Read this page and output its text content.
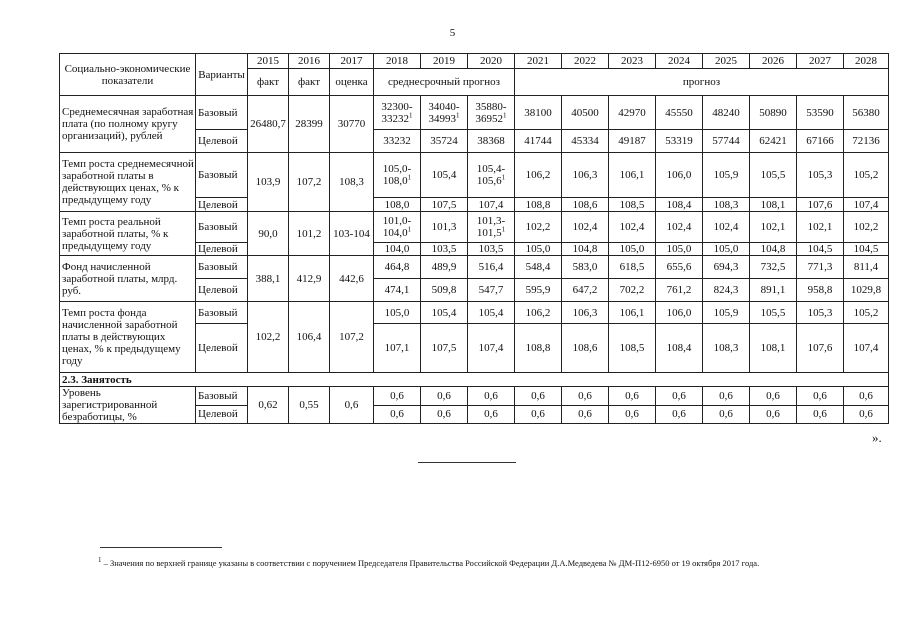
5
Социально-экономические показатели	Варианты	2015	2016	2017	2018	2019	2020	2021	2022	2023	2024	2025	2026	2027	2028
		факт	факт	оценка	среднесрочный прогноз			прогноз							
Среднемесячная заработная плата (по полному кругу организаций), рублей	Базовый	26480,7	28399	30770	32300-33232$^1$	34040-34993$^1$	35880-36952$^1$	38100	40500	42970	45550	48240	50890	53590	56380
	Целевой				33232	35724	38368	41744	45334	49187	53319	57744	62421	67166	72136
Темп роста среднемесячной заработной платы в действующих ценах, % к предыдущему году	Базовый	103,9	107,2	108,3	105,0-108,0$^1$	105,4	105,4-105,6$^1$	106,2	106,3	106,1	106,0	105,9	105,5	105,3	105,2
	Целевой				108,0	107,5	107,4	108,8	108,6	108,5	108,4	108,3	108,1	107,6	107,4
Темп роста реальной заработной платы, % к предыдущему году	Базовый	90,0	101,2	103-104	101,0-104,0$^1$	101,3	101,3-101,5$^1$	102,2	102,4	102,4	102,4	102,4	102,1	102,1	102,2
	Целевой				104,0	103,5	103,5	105,0	104,8	105,0	105,0	105,0	104,8	104,5	104,5
Фонд начисленной заработной платы, млрд. руб.	Базовый	388,1	412,9	442,6	464,8	489,9	516,4	548,4	583,0	618,5	655,6	694,3	732,5	771,3	811,4
	Целевой				474,1	509,8	547,7	595,9	647,2	702,2	761,2	824,3	891,1	958,8	1029,8
Темп роста фонда начисленной заработной платы в действующих ценах, % к предыдущему году	Базовый	102,2	106,4	107,2	105,0	105,4	105,4	106,2	106,3	106,1	106,0	105,9	105,5	105,3	105,2
	Целевой				107,1	107,5	107,4	108,8	108,6	108,5	108,4	108,3	108,1	107,6	107,4
2.3. Занятость															
Уровень зарегистрированной безработицы, %	Базовый	0,62	0,55	0,6	0,6	0,6	0,6	0,6	0,6	0,6	0,6	0,6	0,6	0,6	0,6
	Целевой				0,6	0,6	0,6	0,6	0,6	0,6	0,6	0,6	0,6	0,6	0,6
».
$^1$ – Значения по верхней границе указаны в соответствии с поручением Председателя Правительства Российской Федерации Д.А.Медведева № ДМ-П12-6950 от 19 октября 2017 года.
